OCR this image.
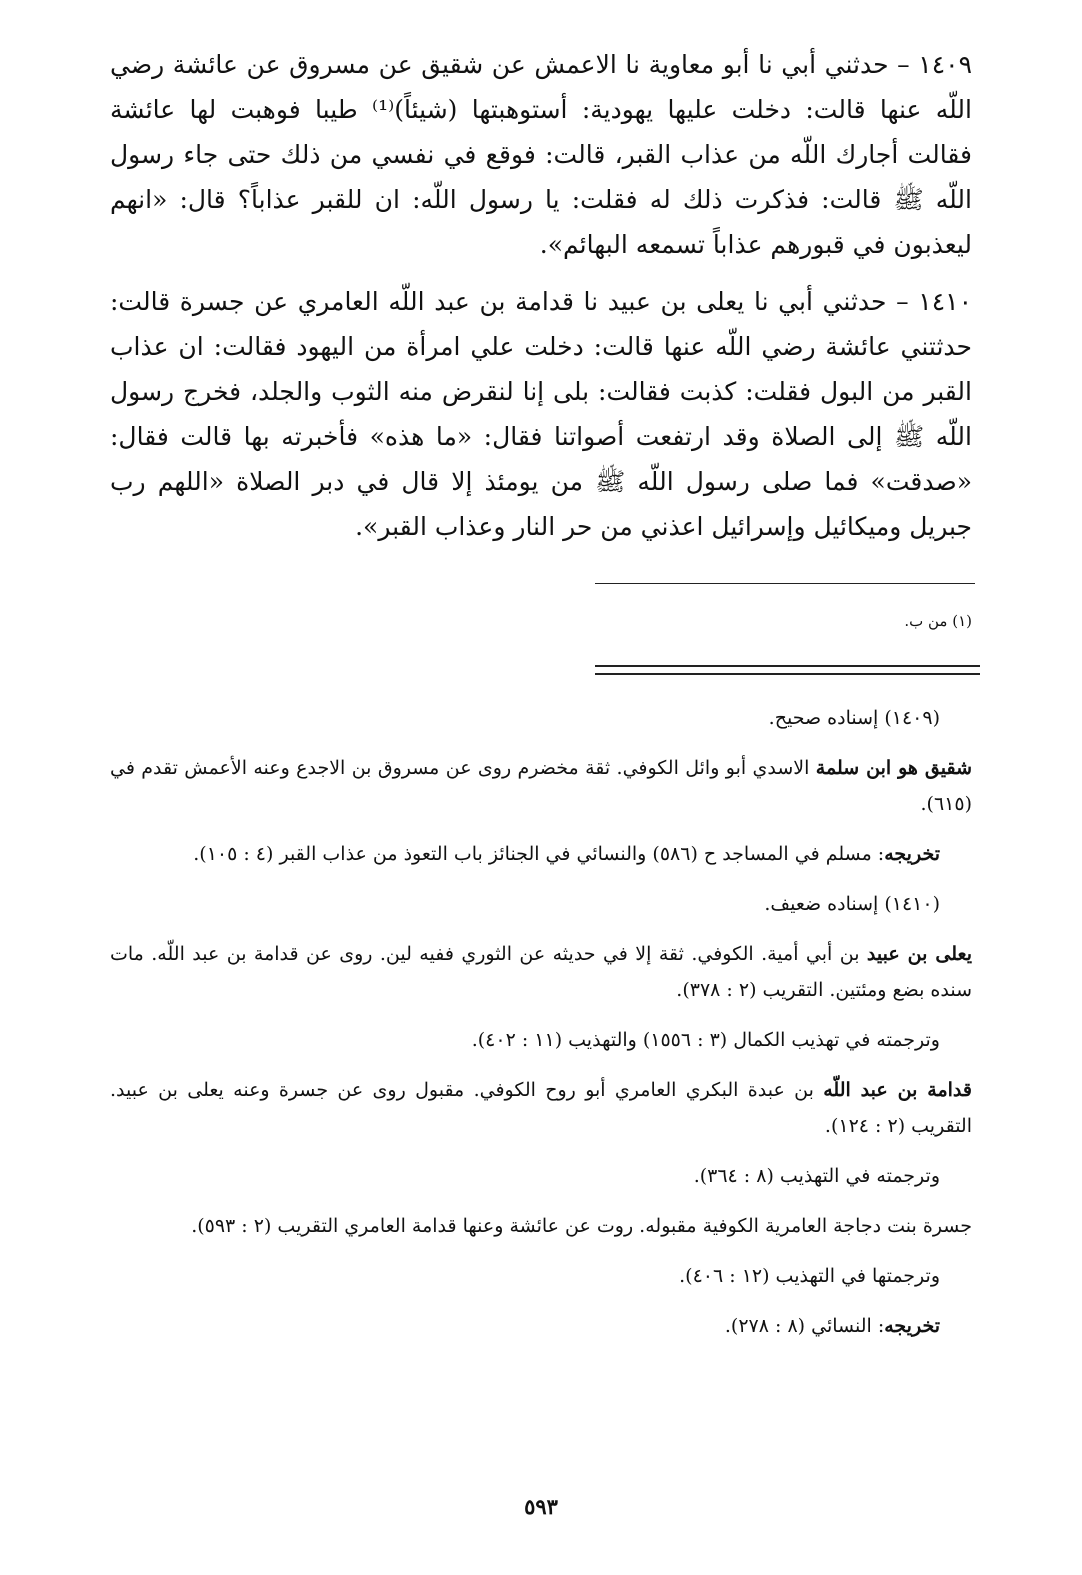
١٤٠٩ – حدثني أبي نا أبو معاوية نا الاعمش عن شقيق عن مسروق عن عائشة رضي اللّه عنها قالت: دخلت عليها يهودية: أستوهبتها (شيئاً)⁽¹⁾ طيبا فوهبت لها عائشة فقالت أجارك اللّه من عذاب القبر، قالت: فوقع في نفسي من ذلك حتى جاء رسول اللّه ﷺ قالت: فذكرت ذلك له فقلت: يا رسول اللّه: ان للقبر عذاباً؟ قال: «انهم ليعذبون في قبورهم عذاباً تسمعه البهائم».

١٤١٠ – حدثني أبي نا يعلى بن عبيد نا قدامة بن عبد اللّه العامري عن جسرة قالت: حدثتني عائشة رضي اللّه عنها قالت: دخلت علي امرأة من اليهود فقالت: ان عذاب القبر من البول فقلت: كذبت فقالت: بلى إنا لنقرض منه الثوب والجلد، فخرج رسول اللّه ﷺ إلى الصلاة وقد ارتفعت أصواتنا فقال: «ما هذه» فأخبرته بها قالت فقال: «صدقت» فما صلى رسول اللّه ﷺ من يومئذ إلا قال في دبر الصلاة «اللهم رب جبريل وميكائيل وإسرائيل اعذني من حر النار وعذاب القبر».

(١) من ب.

(١٤٠٩) إسناده صحيح.

شقيق هو ابن سلمة الاسدي أبو وائل الكوفي. ثقة مخضرم روى عن مسروق بن الاجدع وعنه الأعمش تقدم في (٦١٥).

تخريجه: مسلم في المساجد ح (٥٨٦) والنسائي في الجنائز باب التعوذ من عذاب القبر (٤ : ١٠٥).

(١٤١٠) إسناده ضعيف.

يعلى بن عبيد بن أبي أمية. الكوفي. ثقة إلا في حديثه عن الثوري ففيه لين. روى عن قدامة بن عبد اللّه. مات سنده بضع ومئتين. التقريب (٢ : ٣٧٨).

وترجمته في تهذيب الكمال (٣ : ١٥٥٦) والتهذيب (١١ : ٤٠٢).

قدامة بن عبد اللّه بن عبدة البكري العامري أبو روح الكوفي. مقبول روى عن جسرة وعنه يعلى بن عبيد. التقريب (٢ : ١٢٤).

وترجمته في التهذيب (٨ : ٣٦٤).

جسرة بنت دجاجة العامرية الكوفية مقبوله. روت عن عائشة وعنها قدامة العامري التقريب (٢ : ٥٩٣).

وترجمتها في التهذيب (١٢ : ٤٠٦).

تخريجه: النسائي (٨ : ٢٧٨).

٥٩٣
